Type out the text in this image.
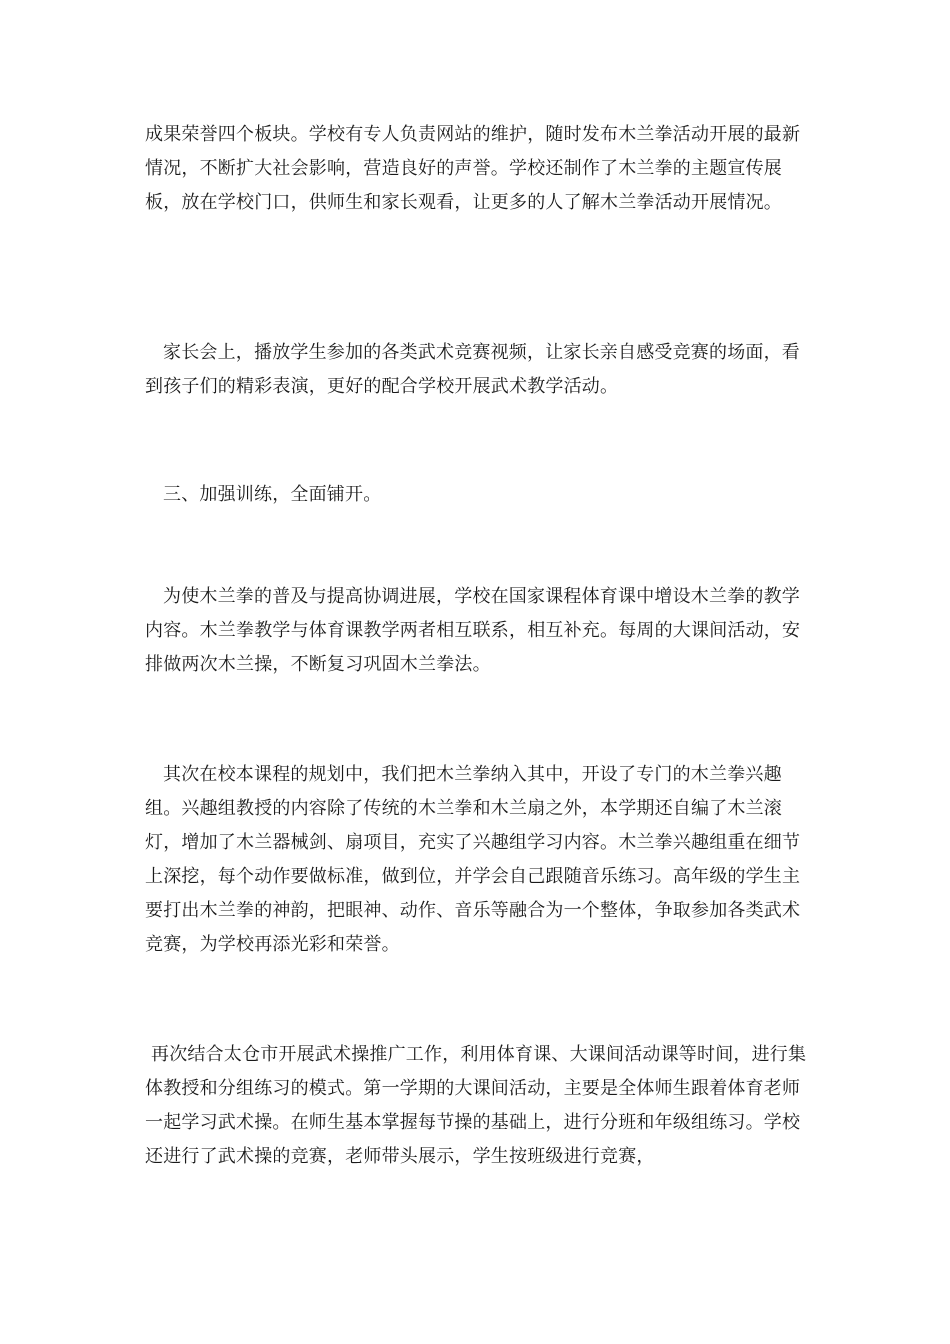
成果荣誉四个板块。学校有专人负责网站的维护，随时发布木兰拳活动开展的最新情况，不断扩大社会影响，营造良好的声誉。学校还制作了木兰拳的主题宣传展板，放在学校门口，供师生和家长观看，让更多的人了解木兰拳活动开展情况。

家长会上，播放学生参加的各类武术竞赛视频，让家长亲自感受竞赛的场面，看到孩子们的精彩表演，更好的配合学校开展武术教学活动。

三、加强训练，全面铺开。

为使木兰拳的普及与提高协调进展，学校在国家课程体育课中增设木兰拳的教学内容。木兰拳教学与体育课教学两者相互联系，相互补充。每周的大课间活动，安排做两次木兰操，不断复习巩固木兰拳法。

其次在校本课程的规划中，我们把木兰拳纳入其中，开设了专门的木兰拳兴趣组。兴趣组教授的内容除了传统的木兰拳和木兰扇之外，本学期还自编了木兰滚灯，增加了木兰器械剑、扇项目，充实了兴趣组学习内容。木兰拳兴趣组重在细节上深挖，每个动作要做标准，做到位，并学会自己跟随音乐练习。高年级的学生主要打出木兰拳的神韵，把眼神、动作、音乐等融合为一个整体，争取参加各类武术竞赛，为学校再添光彩和荣誉。

再次结合太仓市开展武术操推广工作，利用体育课、大课间活动课等时间，进行集体教授和分组练习的模式。第一学期的大课间活动，主要是全体师生跟着体育老师一起学习武术操。在师生基本掌握每节操的基础上，进行分班和年级组练习。学校还进行了武术操的竞赛，老师带头展示，学生按班级进行竞赛，
